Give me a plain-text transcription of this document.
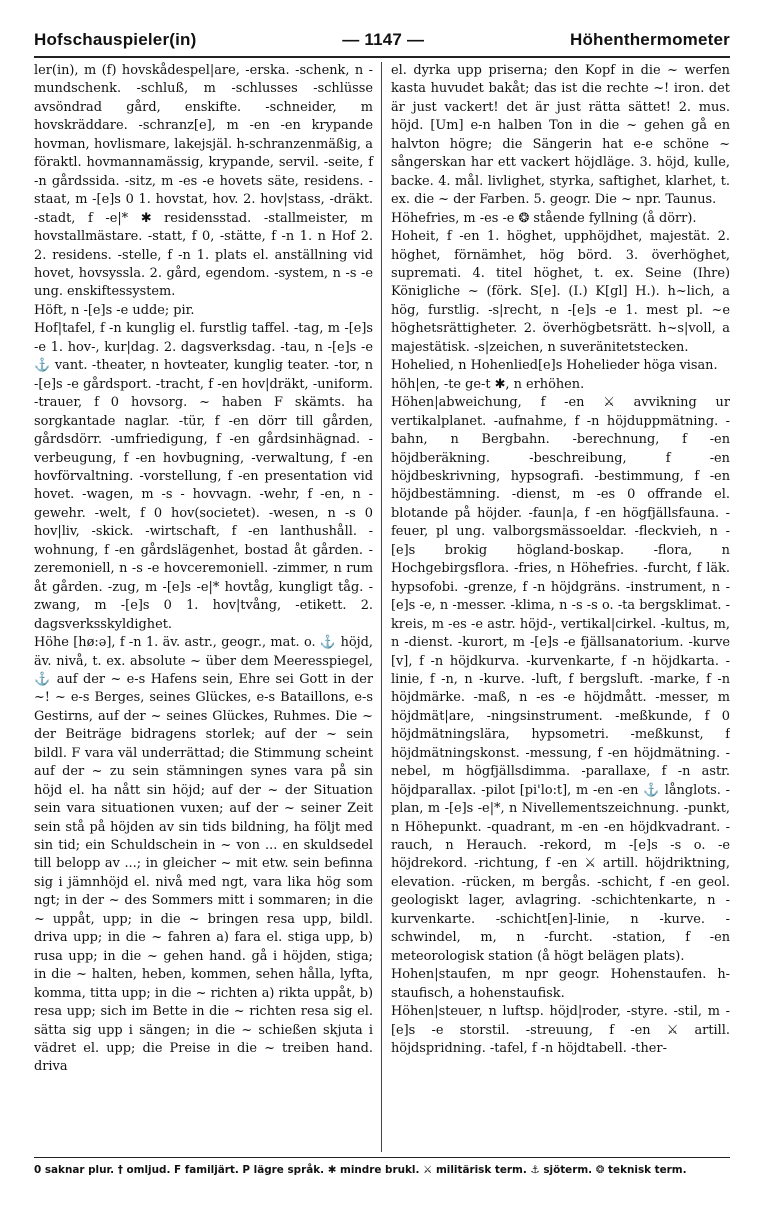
Hofschauspieler(in)	— 1147 —	Höhenthermometer

ler(in), m (f) hovskådespel|are, -erska. -schenk, n -mundschenk. -schluß, m -schlusses -schlüsse avsöndrad gård, enskifte. -schneider, m hovskräddare. -schranz[e], m -en -en krypande hovman, hovlismare, lakejsjäl. h-schranzenmäßig, a föraktl. hovmannamässig, krypande, servil. -seite, f -n gårdssida. -sitz, m -es -e hovets säte, residens. -staat, m -[e]s 0 1. hovstat, hov. 2. hov|stass, -dräkt. -stadt, f -e|* ✱ residensstad. -stallmeister, m hovstallmästare. -statt, f 0, -stätte, f -n 1. n Hof 2. 2. residens. -stelle, f -n 1. plats el. anställning vid hovet, hovsyssla. 2. gård, egendom. -system, n -s -e ung. enskiftessystem.

Höft, n -[e]s -e udde; pir.

Hof|tafel, f -n kunglig el. furstlig taffel. -tag, m -[e]s -e 1. hov-, kur|dag. 2. dagsverksdag. -tau, n -[e]s -e ⚓ vant. -theater, n hovteater, kunglig teater. -tor, n -[e]s -e gårdsport. -tracht, f -en hov|dräkt, -uniform. -trauer, f 0 hovsorg. ~ haben F skämts. ha sorgkantade naglar. -tür, f -en dörr till gården, gårdsdörr. -umfriedigung, f -en gårdsinhägnad. -verbeugung, f -en hovbugning, -verwaltung, f -en hovförvaltning. -vorstellung, f -en presentation vid hovet. -wagen, m -s - hovvagn. -wehr, f -en, n -gewehr. -welt, f 0 hov(societet). -wesen, n -s 0 hov|liv, -skick. -wirtschaft, f -en lanthushåll. -wohnung, f -en gårdslägenhet, bostad åt gården. -zeremoniell, n -s -e hovceremoniell. -zimmer, n rum åt gården. -zug, m -[e]s -e|* hovtåg, kungligt tåg. -zwang, m -[e]s 0 1. hov|tvång, -etikett. 2. dagsverksskyldighet.

Höhe [hø:ə], f -n 1. äv. astr., geogr., mat. o. ⚓ höjd, äv. nivå, t. ex. absolute ~ über dem Meeresspiegel, ⚓ auf der ~ e-s Hafens sein, Ehre sei Gott in der ~! ~ e-s Berges, seines Glückes, e-s Bataillons, e-s Gestirns, auf der ~ seines Glückes, Ruhmes. Die ~ der Beiträge bidragens storlek; auf der ~ sein bildl. F vara väl underrättad; die Stimmung scheint auf der ~ zu sein stämningen synes vara på sin höjd el. ha nått sin höjd; auf der ~ der Situation sein vara situationen vuxen; auf der ~ seiner Zeit sein stå på höjden av sin tids bildning, ha följt med sin tid; ein Schuldschein in ~ von ... en skuldsedel till belopp av ...; in gleicher ~ mit etw. sein befinna sig i jämnhöjd el. nivå med ngt, vara lika hög som ngt; in der ~ des Sommers mitt i sommaren; in die ~ uppåt, upp; in die ~ bringen resa upp, bildl. driva upp; in die ~ fahren a) fara el. stiga upp, b) rusa upp; in die ~ gehen hand. gå i höjden, stiga; in die ~ halten, heben, kommen, sehen hålla, lyfta, komma, titta upp; in die ~ richten a) rikta uppåt, b) resa upp; sich im Bette in die ~ richten resa sig el. sätta sig upp i sängen; in die ~ schießen skjuta i vädret el. upp; die Preise in die ~ treiben hand. driva

el. dyrka upp priserna; den Kopf in die ~ werfen kasta huvudet bakåt; das ist die rechte ~! iron. det är just vackert! det är just rätta sättet! 2. mus. höjd. [Um] e-n halben Ton in die ~ gehen gå en halvton högre; die Sängerin hat e-e schöne ~ sångerskan har ett vackert höjdläge. 3. höjd, kulle, backe. 4. mål. livlighet, styrka, saftighet, klarhet, t. ex. die ~ der Farben. 5. geogr. Die ~ npr. Taunus.

Höhefries, m -es -e ❂ stående fyllning (å dörr).

Hoheit, f -en 1. höghet, upphöjdhet, majestät. 2. höghet, förnämhet, hög börd. 3. överhöghet, suprematі. 4. titel höghet, t. ex. Seine (Ihre) Königliche ~ (förk. S[e]. (I.) K[gl] H.). h~lich, a hög, furstlig. -s|recht, n -[e]s -e 1. mest pl. ~e höghetsrättigheter. 2. överhögbetsrätt. h~s|voll, a majestätisk. -s|zeichen, n suveränitetstecken.

Hohelied, n Hohenlied[e]s Hohelieder höga visan.

höh|en, -te ge-t ✱, n erhöhen.

Höhen|abweichung, f -en ⚔ avvikning ur vertikalplanet. -aufnahme, f -n höjduppmätning. -bahn, n Bergbahn. -berechnung, f -en höjdberäkning. -beschreibung, f -en höjdbeskrivning, hypsografi. -bestimmung, f -en höjdbestämning. -dienst, m -es 0 offrande el. blotande på höjder. -faun|a, f -en högfjällsfauna. -feuer, pl ung. valborgsmässoeldar. -fleckvieh, n -[e]s brokig högland-boskap. -flora, n Hochgebirgsflora. -fries, n Höhefries. -furcht, f läk. hypsofobi. -grenze, f -n höjdgräns. -instrument, n -[e]s -e, n -messer. -klima, n -s -s o. -ta bergsklimat. -kreis, m -es -e astr. höjd-, vertikal|cirkel. -kultus, m, n -dienst. -kurort, m -[e]s -e fjällsanatorium. -kurve [v], f -n höjdkurva. -kurvenkarte, f -n höjdkarta. -linie, f -n, n -kurve. -luft, f bergsluft. -marke, f -n höjdmärke. -maß, n -es -e höjdmått. -messer, m höjdmät|are, -ningsinstrument. -meßkunde, f 0 höjdmätningslära, hypsometri. -meßkunst, f höjdmätningskonst. -messung, f -en höjdmätning. -nebel, m högfjällsdimma. -parallaxe, f -n astr. höjdparallax. -pilot [pi'lo:t], m -en -en ⚓ långlots. -plan, m -[e]s -e|*, n Nivellementszeichnung. -punkt, n Höhepunkt. -quadrant, m -en -en höjdkvadrant. -rauch, n Herauch. -rekord, m -[e]s -s o. -e höjdrekord. -richtung, f -en ⚔ artill. höjdriktning, elevation. -rücken, m bergås. -schicht, f -en geol. geologiskt lager, avlagring. -schichtenkarte, n -kurvenkarte. -schicht[en]-linie, n -kurve. -schwindel, m, n -furcht. -station, f -en meteorologisk station (å högt belägen plats).

Hohen|staufen, m npr geogr. Hohenstaufen. h-staufisch, a hohenstaufisk.

Höhen|steuer, n luftsp. höjd|roder, -styre. -stil, m -[e]s -e storstil. -streuung, f -en ⚔ artill. höjdspridning. -tafel, f -n höjdtabell. -ther-

0 saknar plur. † omljud. F familjärt. P lägre språk. ✱ mindre brukl. ⚔ militärisk term. ⚓ sjöterm. ❂ teknisk term.
